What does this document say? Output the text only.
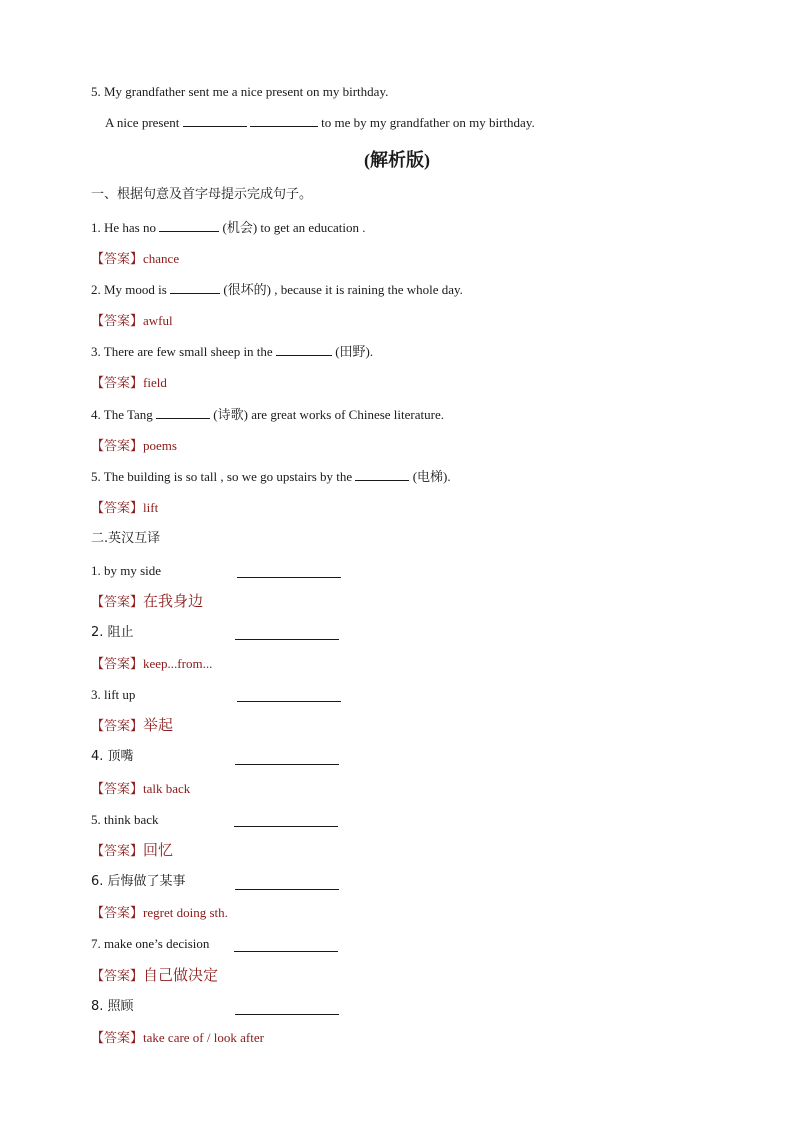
5. My grandfather sent me a nice present on my birthday.
A nice present	to me by my grandfather on my birthday.
(解析版)
一、根据句意及首字母提示完成句子。
1. He has no	(机会) to get an education .
【答案】chance
2. My mood is	(很坏的) , because it is raining the whole day.
【答案】awful
3. There are few small sheep in the	(田野).
【答案】field
4. The Tang	(诗歌) are great works of Chinese literature.
【答案】poems
5. The building is so tall , so we go upstairs by the	(电梯).
【答案】lift
二.英汉互译
1. by my side
【答案】在我身边
2. 阻止
【答案】keep...from...
3. lift up
【答案】举起
4. 顶嘴
【答案】talk back
5. think back
【答案】回忆
6. 后悔做了某事
【答案】regret doing sth.
7. make one’s decision
【答案】自己做决定
8. 照顾
【答案】take care of / look after
